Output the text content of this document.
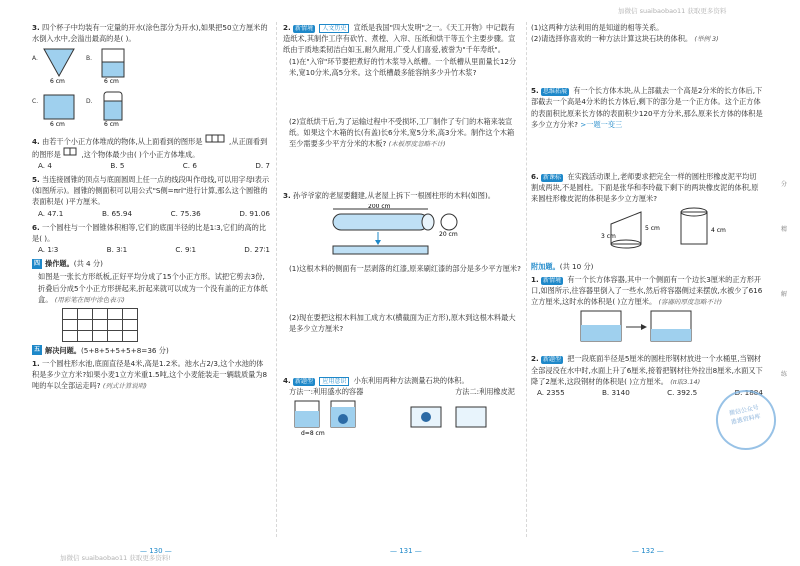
加微信 suaibaobao11 获取更多资料
加微信 suaibaobao11 获取更多资料!
3. 四个杯子中均装有一定量的开水(涂色部分为开水),如果把50立方厘米的水倒入水中,会溢出最高的是( )。
A.
6 cm
B.
6 cm
C.
6 cm
D.
6 cm
4. 由若干个小正方体堆成的物体,从上面看到的图形是	,从正面看到的图形是	,这个物体最少由( )个小正方体堆成。
A. 4	B. 5	C. 6	D. 7
5. 当连接圆锥的顶点与底面圆周上任一点的线段叫作母线,可以用字母l表示(如图所示)。圆锥的侧面积可以用公式"S侧=πrl"进行计算,那么这个圆锥的表面积是( )平方厘米。
A. 47.1	B. 65.94	C. 75.36	D. 91.06
6. 一个圆柱与一个圆锥体积相等,它们的底面半径的比是1∶3,它们的高的比是( )。
A. 1∶3	B. 3∶1	C. 9∶1	D. 27∶1
四 操作题。 (共 4 分)
如图是一张长方形纸板,正好平均分成了15个小正方形。试把它剪去3份,折叠后分成5个小正方形拼起来,折起来就可以成为一个没有盖的正方体纸盒。 (用彩笔在图中涂色表示)

五 解决问题。 (5+8+5+5+5+8=36 分)
1. 一个圆柱形水池,底面直径是4米,高是1.2米。池水占2/3,这个水池的体积是多少立方米?如果小麦1立方米重1.5吨,这个小麦能装走一辆载质量为8吨的车以全部运走吗? (列式计算说明)
— 130 —
2. 新情境 人文历史 宣纸是我国"四大发明"之一。《天工开物》中记载有造纸术,其制作工序有砍竹、煮楻、入帘、压纸和烘干等五个主要步骤。宣纸由于质地柔韧洁白如玉,耐久耐用,广受人们喜爱,被誉为"千年寿纸"。
(1)在"入帘"环节要把煮好的竹木浆导入纸槽。一个纸槽从里面量长12分米,宽10分米,高5分米。这个纸槽最多能容纳多少升竹木浆?
(2)宣纸烘干后,为了运输过程中不受损坏,工厂制作了专门的木箱来装宣纸。如果这个木箱的长(有盖)长6分米,宽5分米,高3分米。制作这个木箱至少需要多少平方分米的木板? (木板厚度忽略不计)
3. 孙爷爷家的老屋要翻建,从老屋上拆下一根圆柱形的木料(如图)。
200 cm
20 cm
(1)这根木料的侧面有一层剥落的红漆,原来刷红漆的部分是多少平方厘米?
(2)现在要把这根木料加工成方木(横截面为正方形),原木到这根木料最大是多少立方厘米?
4. 新题型 应用意识 小东利用两种方法测量石块的体积。
方法一:利用盛水的容器	方法二:利用橡皮泥
d=8 cm
— 131 —
(1)这两种方法利用的是知道的相等关系。
(2)请选择你喜欢的一种方法计算这块石块的体积。 (举例 3)
5. 思维拓展 有一个长方体木块,从上部截去一个高是2分米的长方体后,下部截去一个高是4分米的长方体后,剩下的部分是一个正方体。这个正方体的表面积比原来长方体的表面积少120平方分米,那么原来长方体的体积是多少立方分米? >一题一变三
6. 新课标 在实践活动课上,老师要求把完全一样的圆柱形橡皮泥平均切割成两块,不是圆柱。下面是张华和李玲截下剩下的两块橡皮泥的体积,原来圆柱形橡皮泥的体积是多少立方厘米?
5 cm
3 cm
4 cm
附加题。 (共 10 分)
1. 新情境 有一个长方体容器,其中一个侧面有一个边长3厘米的正方形开口,如图所示,往容器里倒入了一些水,然后将容器侧过来摆放,水被少了616立方厘米,这时水的体积是( )立方厘米。 (容器的厚度忽略不计)
2. 新题型 把一段底面半径是5厘米的圆柱形钢材放进一个水桶里,当钢材全部浸没在水中时,水面上升了6厘米,接着把钢材往外拉出8厘米,水面又下降了2厘米,这段钢材的体积是( )立方厘米。 (π取3.14)
A. 2355	B. 3140	C. 392.5	D. 1884
— 132 —
微信公众号
淮淮资料库
分
精
解
练
